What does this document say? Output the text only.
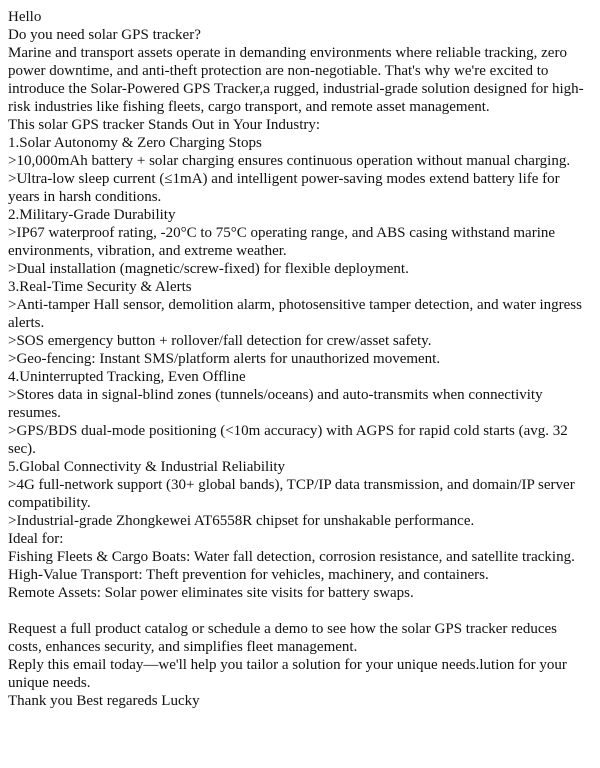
Hello

Do you need solar GPS tracker?

Marine and transport assets operate in demanding environments where reliable tracking, zero power downtime, and anti-theft protection are non-negotiable. That's why we're excited to introduce the Solar-Powered GPS Tracker,a rugged, industrial-grade solution designed for high-risk industries like fishing fleets, cargo transport, and remote asset management.

This solar GPS tracker Stands Out in Your Industry:

1.Solar Autonomy & Zero Charging Stops

>10,000mAh battery + solar charging ensures continuous operation without manual charging.

>Ultra-low sleep current (≤1mA) and intelligent power-saving modes extend battery life for years in harsh conditions.

2.Military-Grade Durability

>IP67 waterproof rating, -20°C to 75°C operating range, and ABS casing withstand marine environments, vibration, and extreme weather.

>Dual installation (magnetic/screw-fixed) for flexible deployment.

3.Real-Time Security & Alerts

>Anti-tamper Hall sensor, demolition alarm, photosensitive tamper detection, and water ingress alerts.

>SOS emergency button + rollover/fall detection for crew/asset safety.

>Geo-fencing: Instant SMS/platform alerts for unauthorized movement.

4.Uninterrupted Tracking, Even Offline

>Stores data in signal-blind zones (tunnels/oceans) and auto-transmits when connectivity resumes.

>GPS/BDS dual-mode positioning (<10m accuracy) with AGPS for rapid cold starts (avg. 32 sec).

5.Global Connectivity & Industrial Reliability

>4G full-network support (30+ global bands), TCP/IP data transmission, and domain/IP server compatibility.

>Industrial-grade Zhongkewei AT6558R chipset for unshakable performance.

Ideal for:

Fishing Fleets & Cargo Boats: Water fall detection, corrosion resistance, and satellite tracking.

High-Value Transport: Theft prevention for vehicles, machinery, and containers.

Remote Assets: Solar power eliminates site visits for battery swaps.

Request a full product catalog or schedule a demo to see how the solar GPS tracker reduces costs, enhances security, and simplifies fleet management.

Reply this email today—we'll help you tailor a solution for your unique needs.lution for your unique needs.

Thank you Best regareds Lucky
